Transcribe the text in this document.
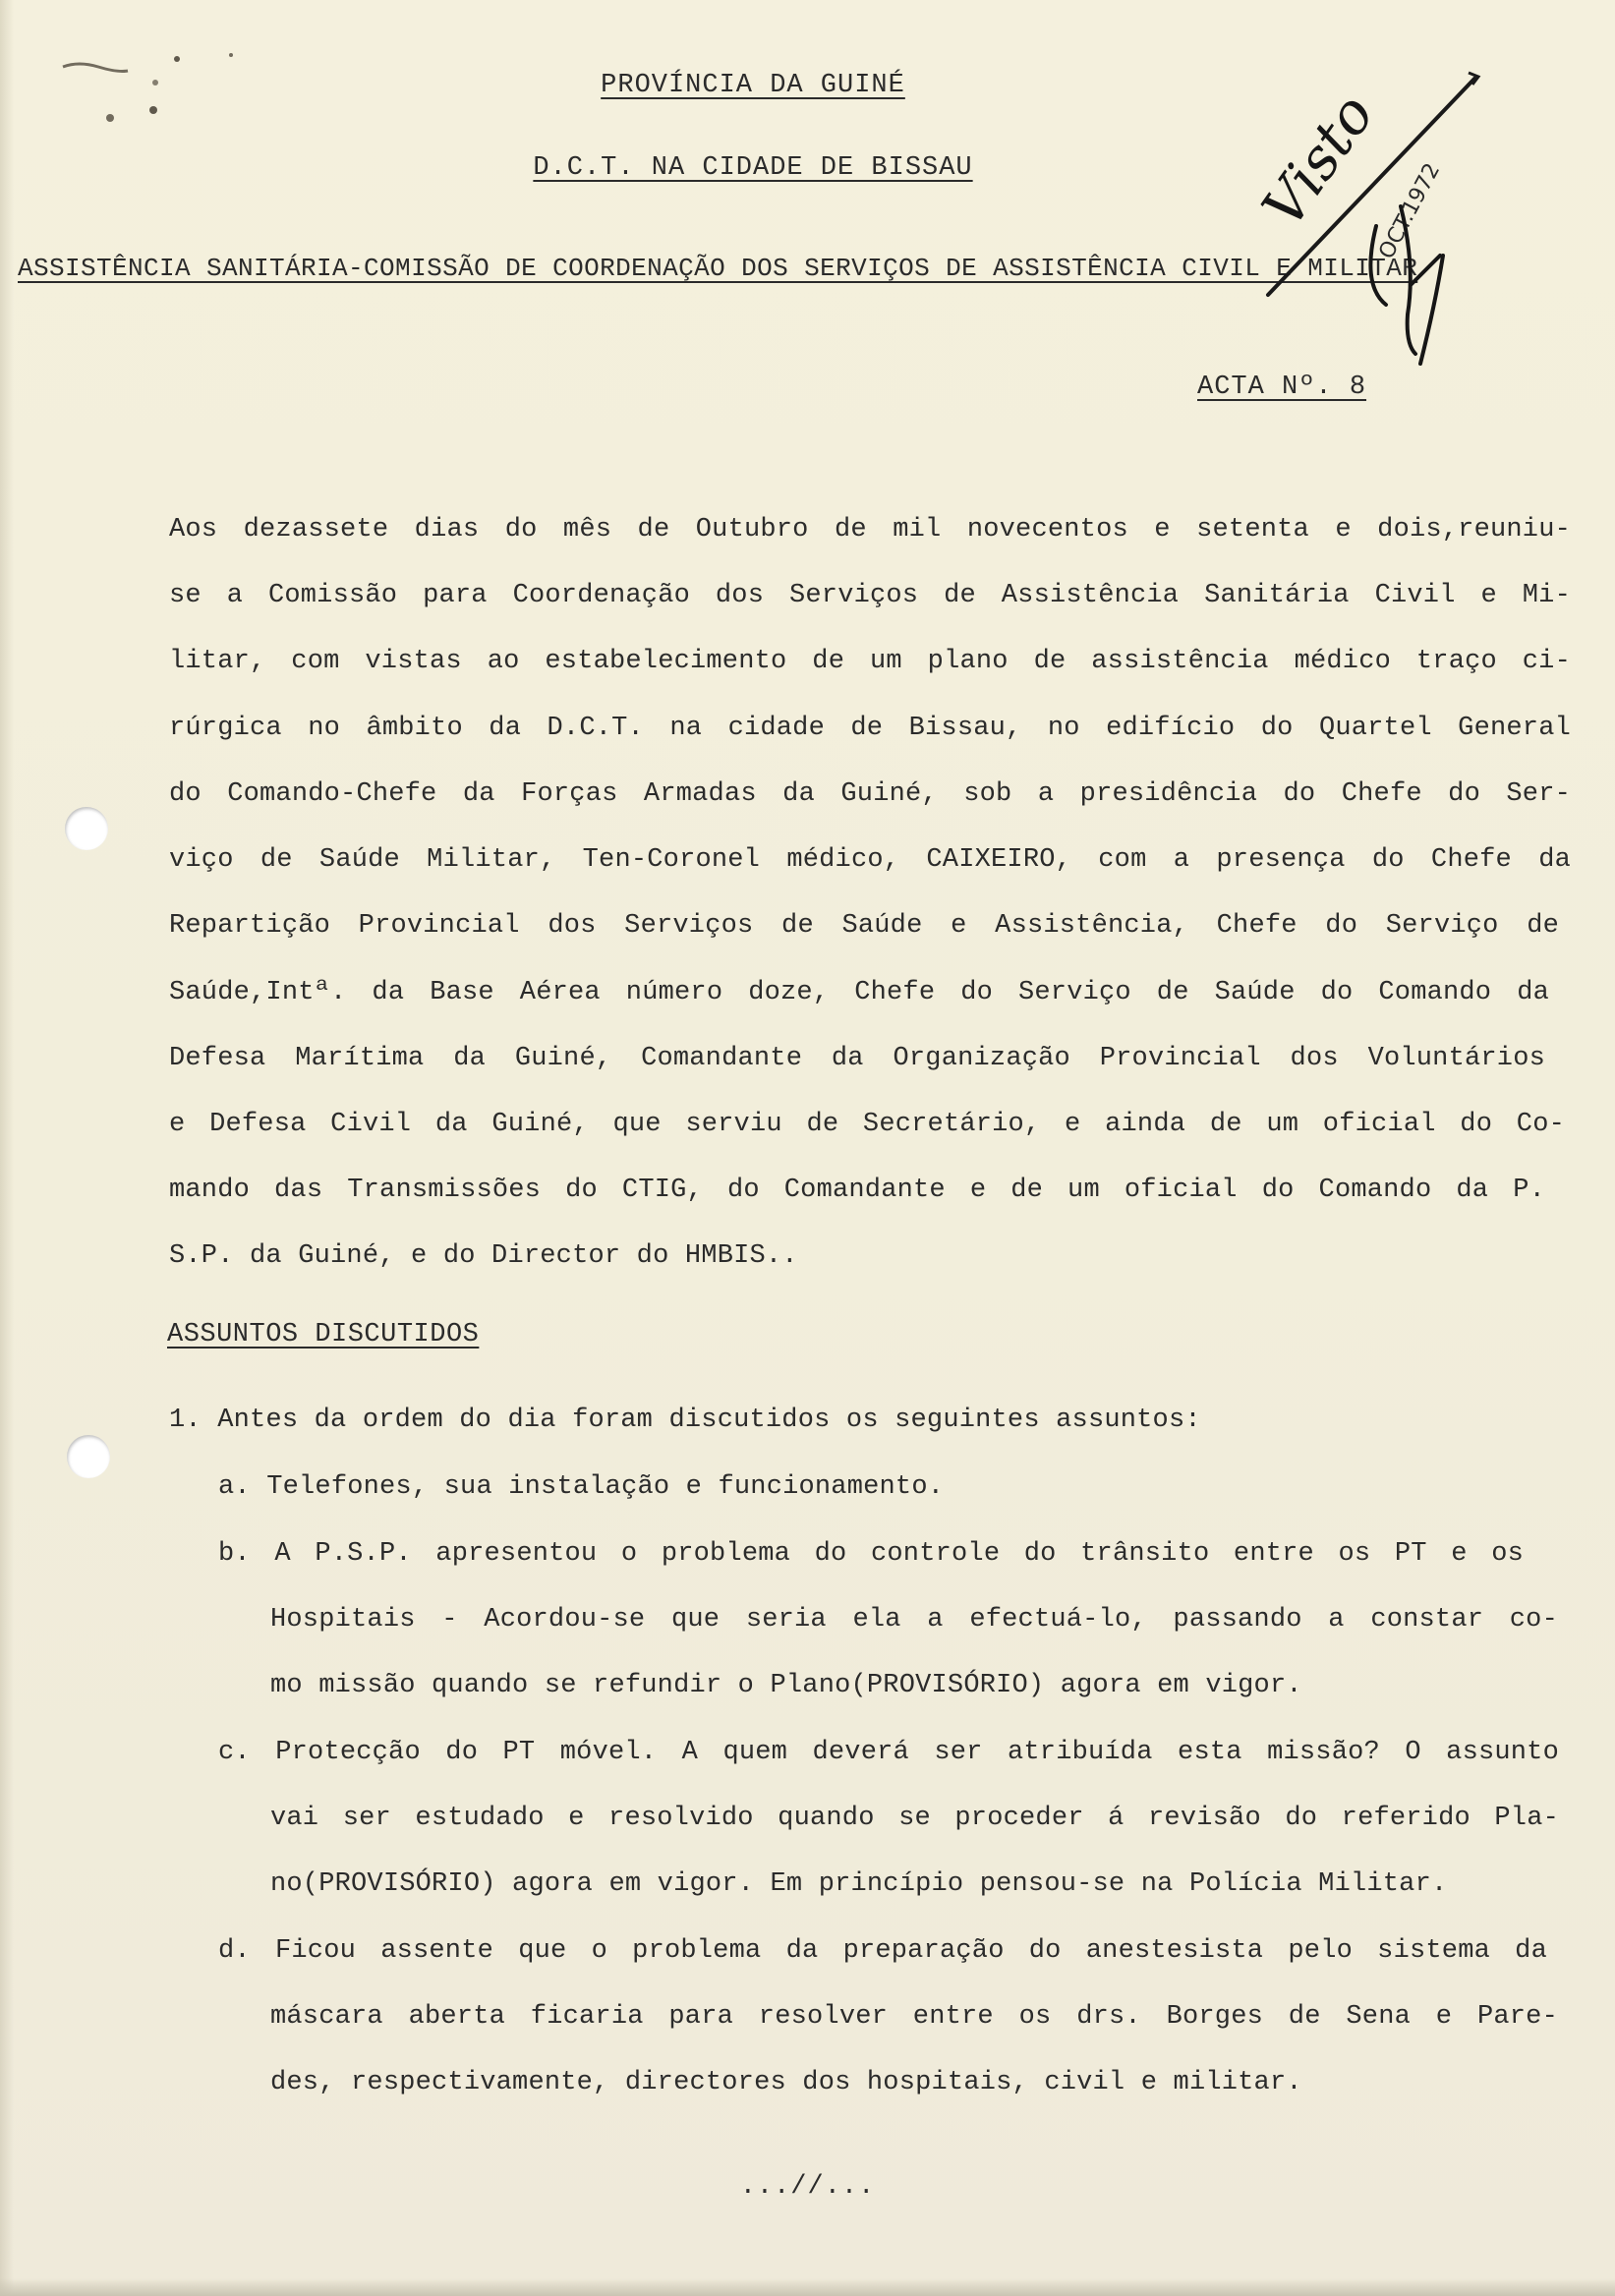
PROVÍNCIA DA GUINÉ
D.C.T. NA CIDADE DE BISSAU
ASSISTÊNCIA SANITÁRIA-COMISSÃO DE COORDENAÇÃO DOS SERVIÇOS DE ASSISTÊNCIA CIVIL E MILITAR
Visto
OCT.1972
ACTA Nº. 8
Aos dezassete dias do mês de Outubro de mil novecentos e setenta e dois,reuniu-
se a Comissão para Coordenação dos Serviços de Assistência Sanitária Civil e Mi-
litar, com vistas ao estabelecimento de um plano de assistência médico traço ci-
rúrgica no âmbito da D.C.T. na cidade de Bissau, no edifício do Quartel General
do Comando-Chefe da Forças Armadas da Guiné, sob a presidência do Chefe do Ser-
viço de Saúde Militar, Ten-Coronel médico, CAIXEIRO, com a presença do Chefe da
Repartição Provincial dos Serviços de Saúde e Assistência, Chefe do Serviço de
Saúde,Intª. da Base Aérea número doze, Chefe do Serviço de Saúde do Comando da
Defesa Marítima da Guiné, Comandante da Organização Provincial dos Voluntários
e Defesa Civil da Guiné, que serviu de Secretário, e ainda de um oficial do Co-
mando das Transmissões do CTIG, do Comandante e de um oficial do Comando da P.
S.P. da Guiné, e do Director do HMBIS..
ASSUNTOS DISCUTIDOS
1. Antes da ordem do dia foram discutidos os seguintes assuntos:
a. Telefones, sua instalação e funcionamento.
b. A P.S.P. apresentou o problema do controle do trânsito entre os PT e os
Hospitais - Acordou-se que seria ela a efectuá-lo, passando a constar co-
mo missão quando se refundir o Plano(PROVISÓRIO) agora em vigor.
c. Protecção do PT móvel. A quem deverá ser atribuída esta missão? O assunto
vai ser estudado e resolvido quando se proceder á revisão do referido Pla-
no(PROVISÓRIO) agora em vigor. Em princípio pensou-se na Polícia Militar.
d. Ficou assente que o problema da preparação do anestesista pelo sistema da
máscara aberta ficaria para resolver entre os drs. Borges de Sena e Pare-
des, respectivamente, directores dos hospitais, civil e militar.
...//...
